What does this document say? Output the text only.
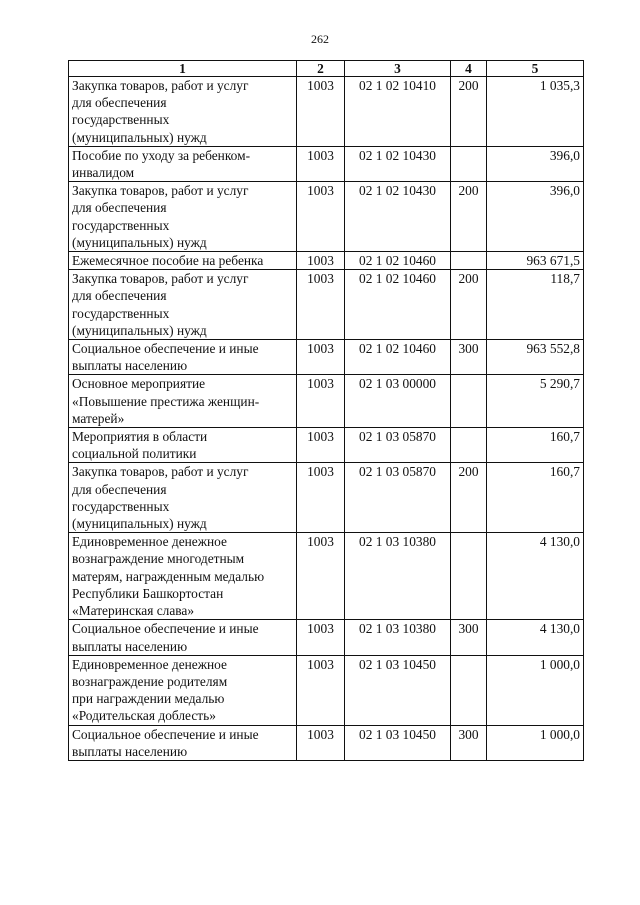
262
1	2	3	4	5
Закупка товаров, работ и услуг
для обеспечения
государственных
(муниципальных) нужд	1003	02 1 02 10410	200	1 035,3
Пособие по уходу за ребенком-
инвалидом	1003	02 1 02 10430		396,0
Закупка товаров, работ и услуг
для обеспечения
государственных
(муниципальных) нужд	1003	02 1 02 10430	200	396,0
Ежемесячное пособие на ребенка	1003	02 1 02 10460		963 671,5
Закупка товаров, работ и услуг
для обеспечения
государственных
(муниципальных) нужд	1003	02 1 02 10460	200	118,7
Социальное обеспечение и иные
выплаты населению	1003	02 1 02 10460	300	963 552,8
Основное мероприятие
«Повышение престижа женщин-
матерей»	1003	02 1 03 00000		5 290,7
Мероприятия в области
социальной политики	1003	02 1 03 05870		160,7
Закупка товаров, работ и услуг
для обеспечения
государственных
(муниципальных) нужд	1003	02 1 03 05870	200	160,7
Единовременное денежное
вознаграждение многодетным
матерям, награжденным медалью
Республики Башкортостан
«Материнская слава»	1003	02 1 03 10380		4 130,0
Социальное обеспечение и иные
выплаты населению	1003	02 1 03 10380	300	4 130,0
Единовременное денежное
вознаграждение родителям
при награждении медалью
«Родительская доблесть»	1003	02 1 03 10450		1 000,0
Социальное обеспечение и иные
выплаты населению	1003	02 1 03 10450	300	1 000,0
